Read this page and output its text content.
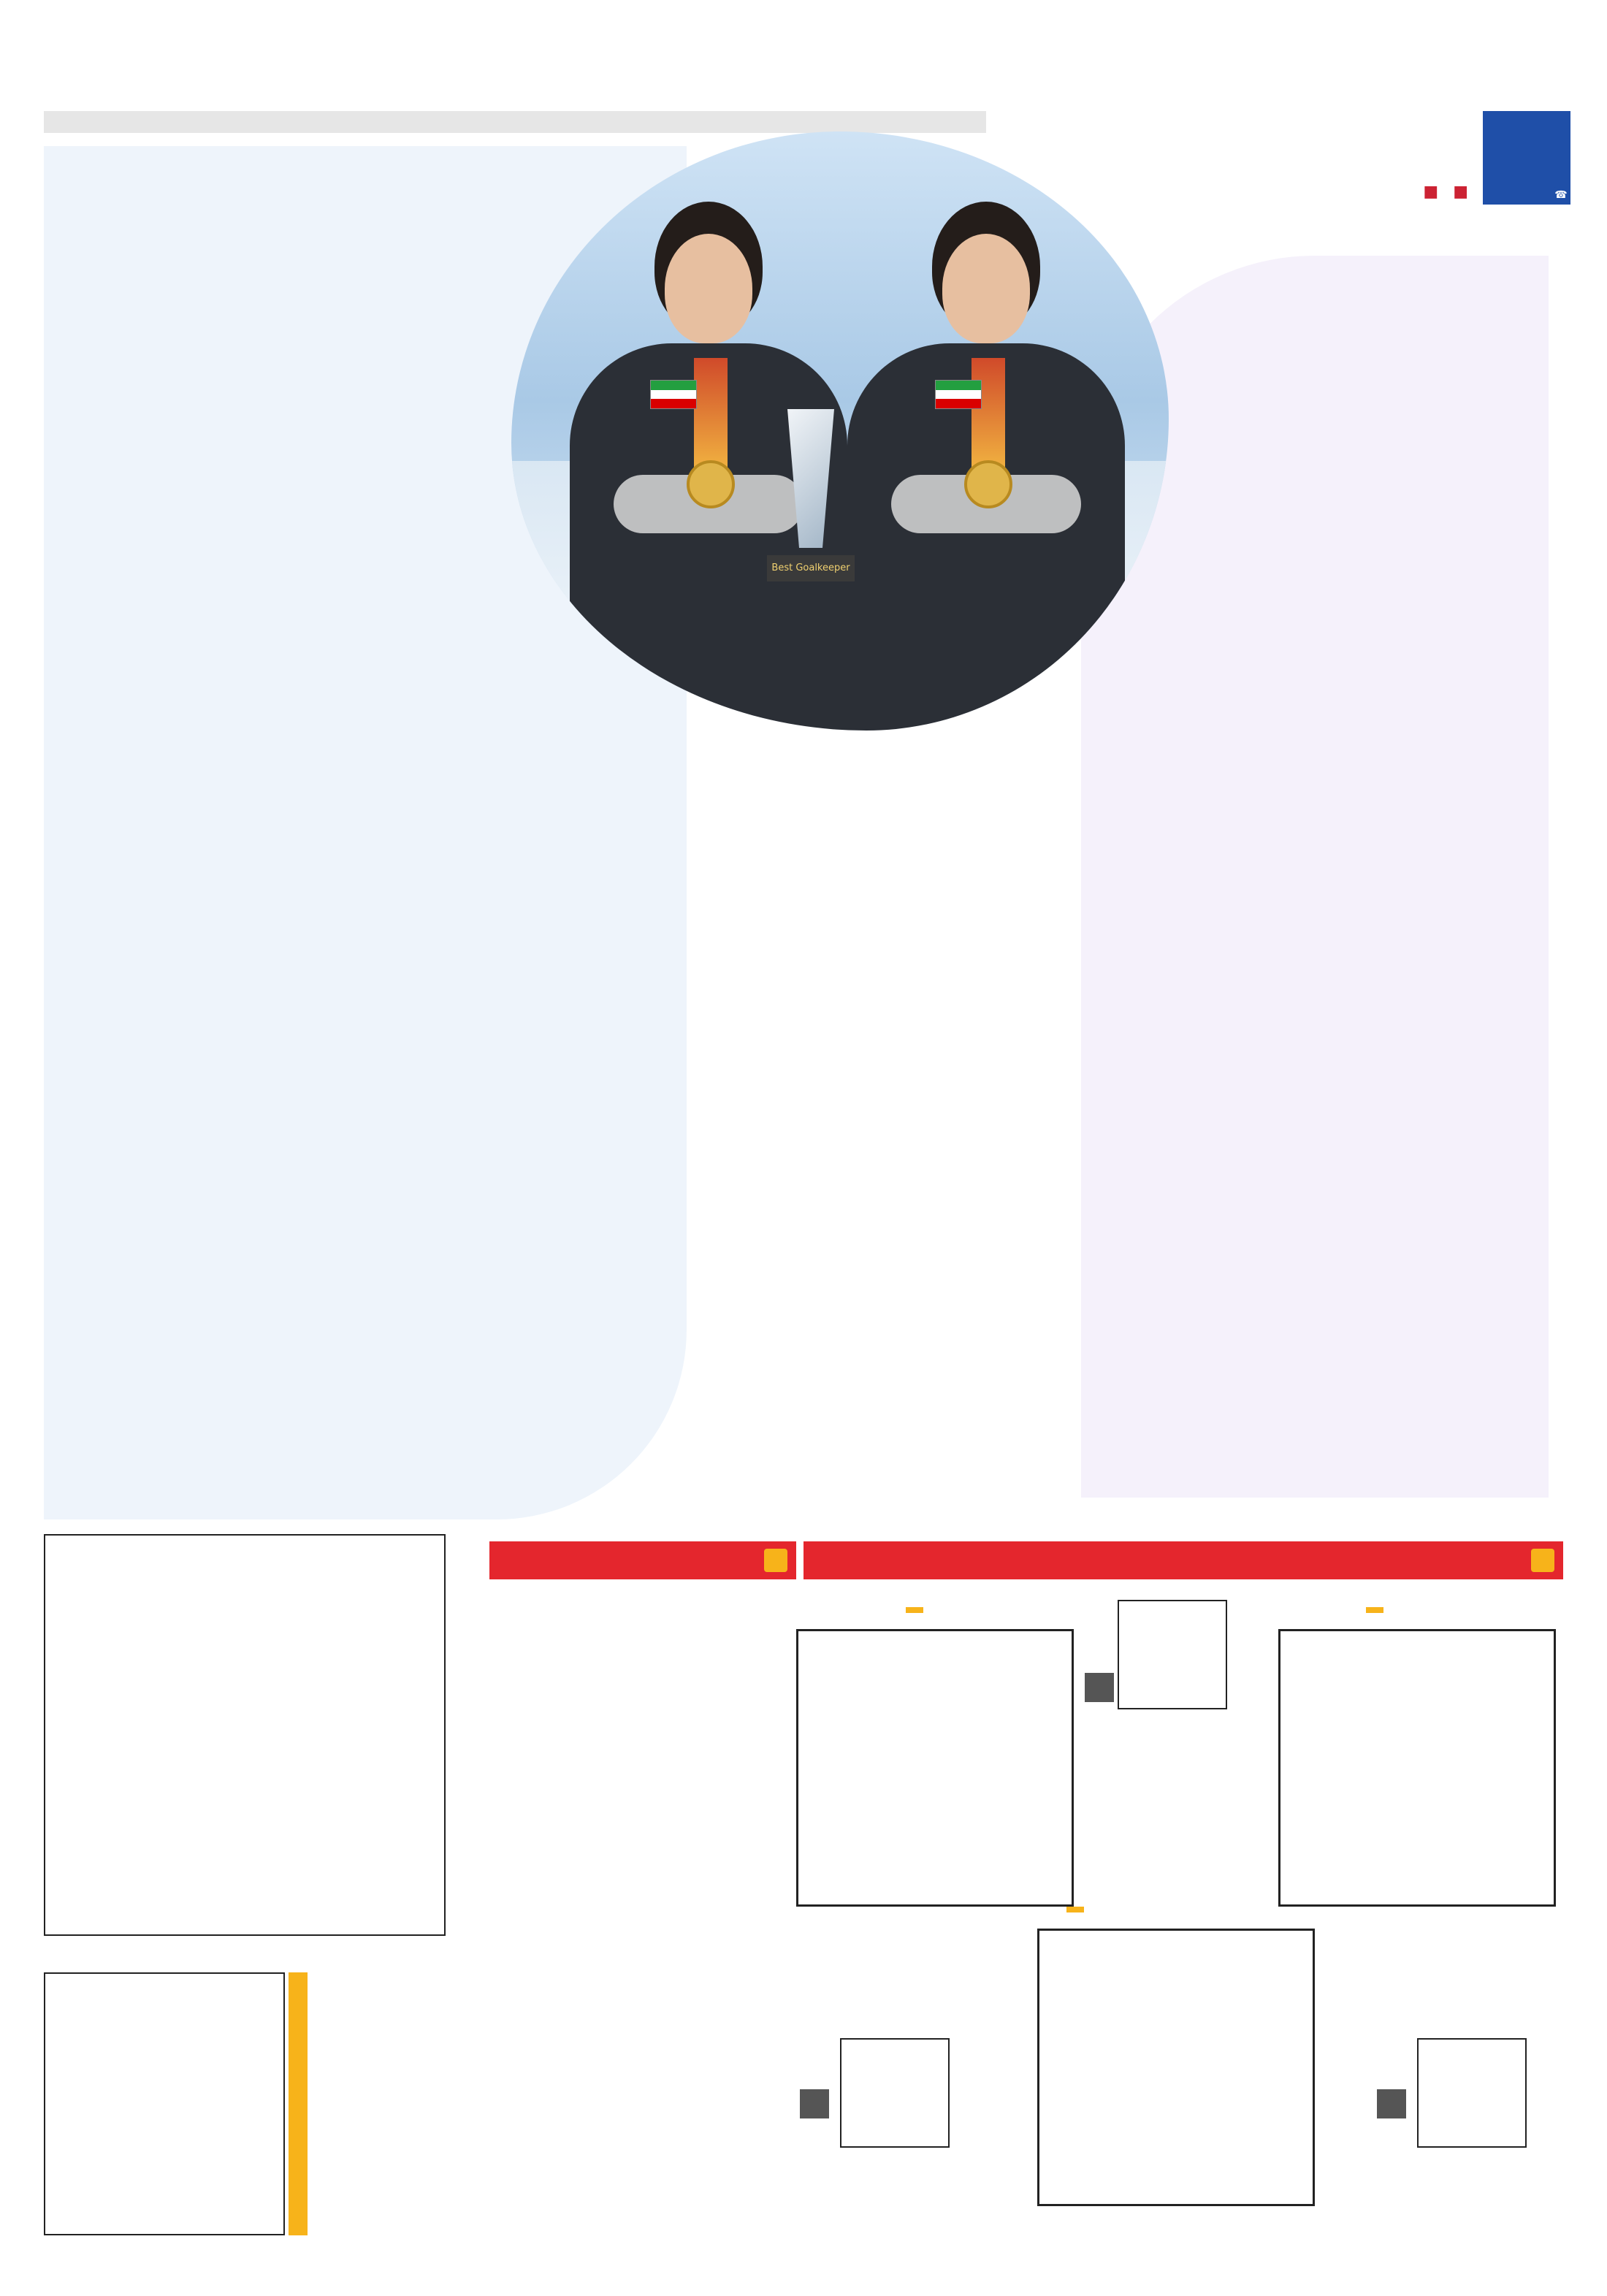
■
■	☎
Best Goalkeeper
